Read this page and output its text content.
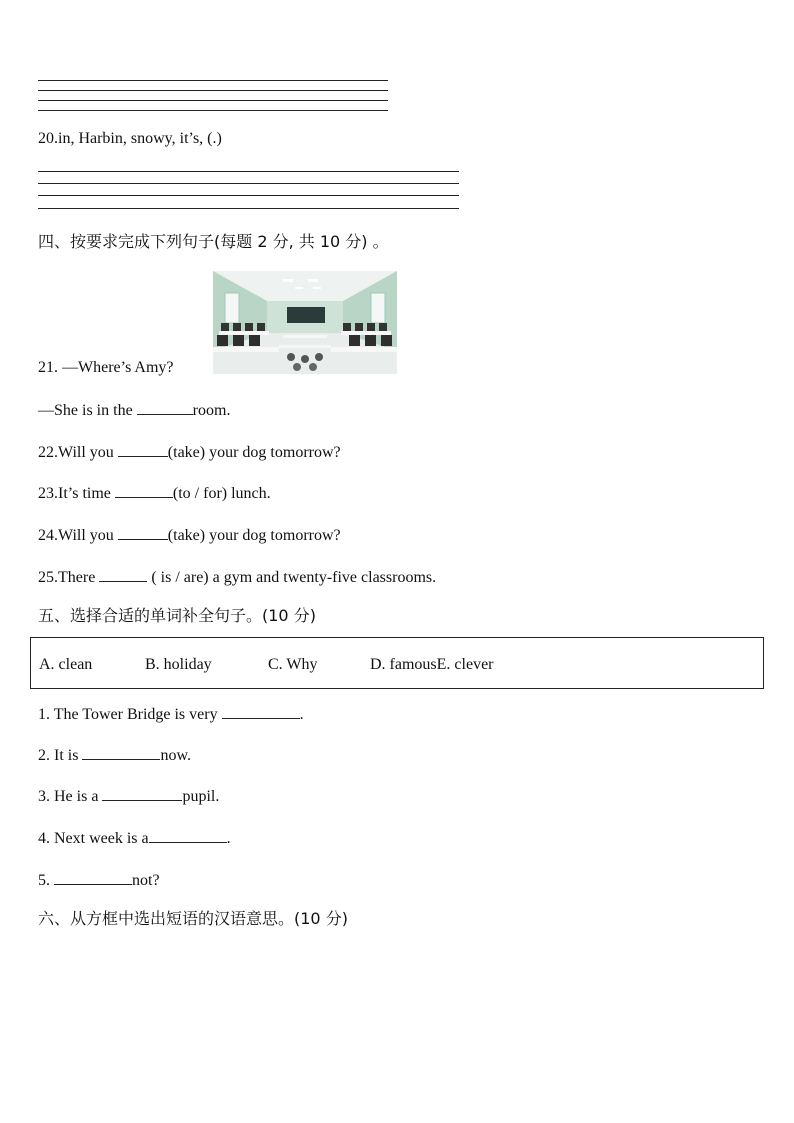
20.in, Harbin, snowy, it’s, (.)
四、按要求完成下列句子(每题 2 分, 共 10 分) 。
21. —Where’s Amy?
—She is in the	room.
22.Will you	(take) your dog tomorrow?
23.It’s time	(to / for) lunch.
24.Will you	(take) your dog tomorrow?
25.There	( is / are) a gym and twenty-five classrooms.
五、选择合适的单词补全句子。(10 分)
A. clean	B. holiday	C. Why	D. famousE. clever
1. The Tower Bridge is very	.
2. It is	now.
3. He is a	pupil.
4. Next week is a	.
5.	not?
六、从方框中选出短语的汉语意思。(10 分)
